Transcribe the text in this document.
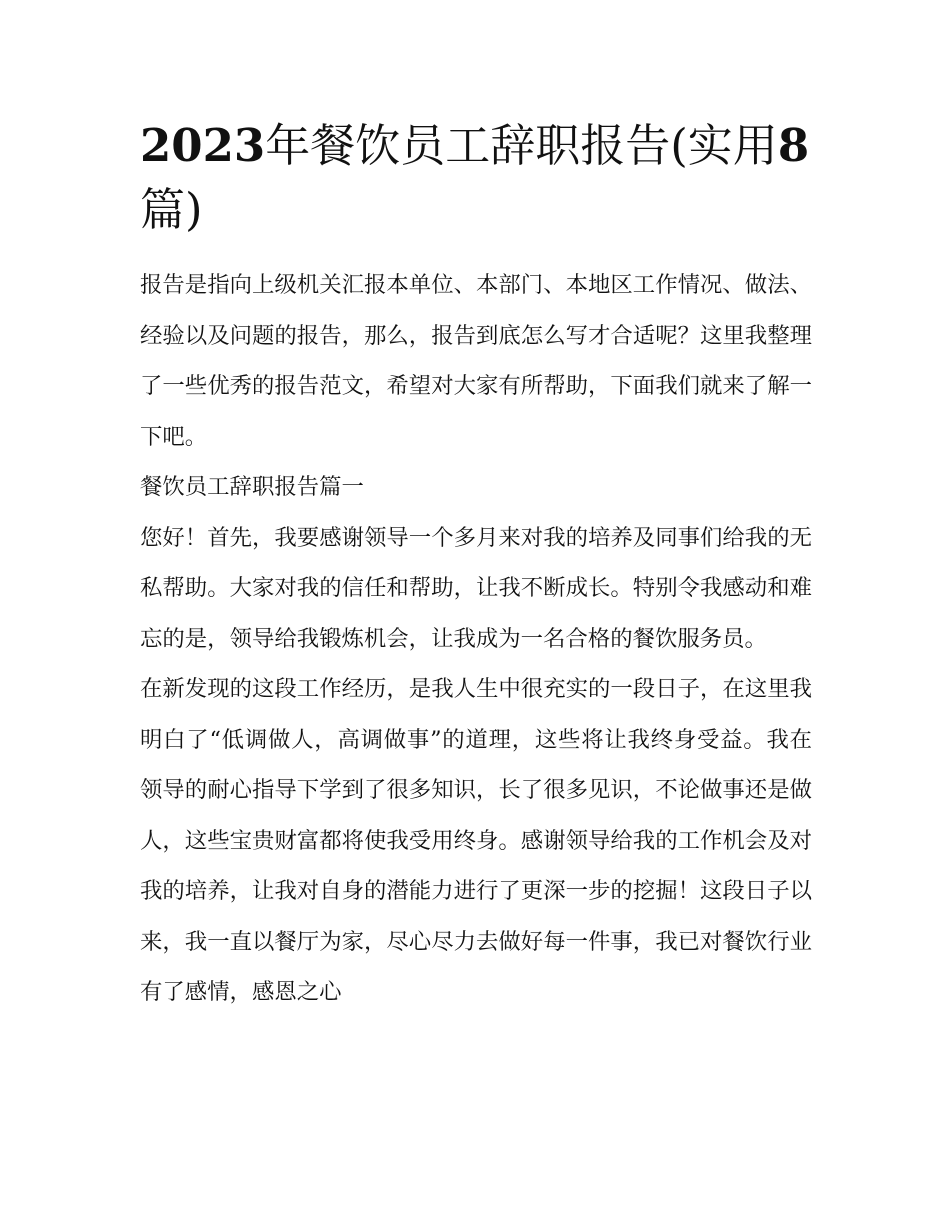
2023年餐饮员工辞职报告(实用8篇)

报告是指向上级机关汇报本单位、本部门、本地区工作情况、做法、经验以及问题的报告，那么，报告到底怎么写才合适呢？这里我整理了一些优秀的报告范文，希望对大家有所帮助，下面我们就来了解一下吧。

餐饮员工辞职报告篇一

您好！首先，我要感谢领导一个多月来对我的培养及同事们给我的无私帮助。大家对我的信任和帮助，让我不断成长。特别令我感动和难忘的是，领导给我锻炼机会，让我成为一名合格的餐饮服务员。

在新发现的这段工作经历，是我人生中很充实的一段日子，在这里我明白了“低调做人，高调做事”的道理，这些将让我终身受益。我在领导的耐心指导下学到了很多知识，长了很多见识，不论做事还是做人，这些宝贵财富都将使我受用终身。感谢领导给我的工作机会及对我的培养，让我对自身的潜能力进行了更深一步的挖掘！这段日子以来，我一直以餐厅为家，尽心尽力去做好每一件事，我已对餐饮行业有了感情，感恩之心
